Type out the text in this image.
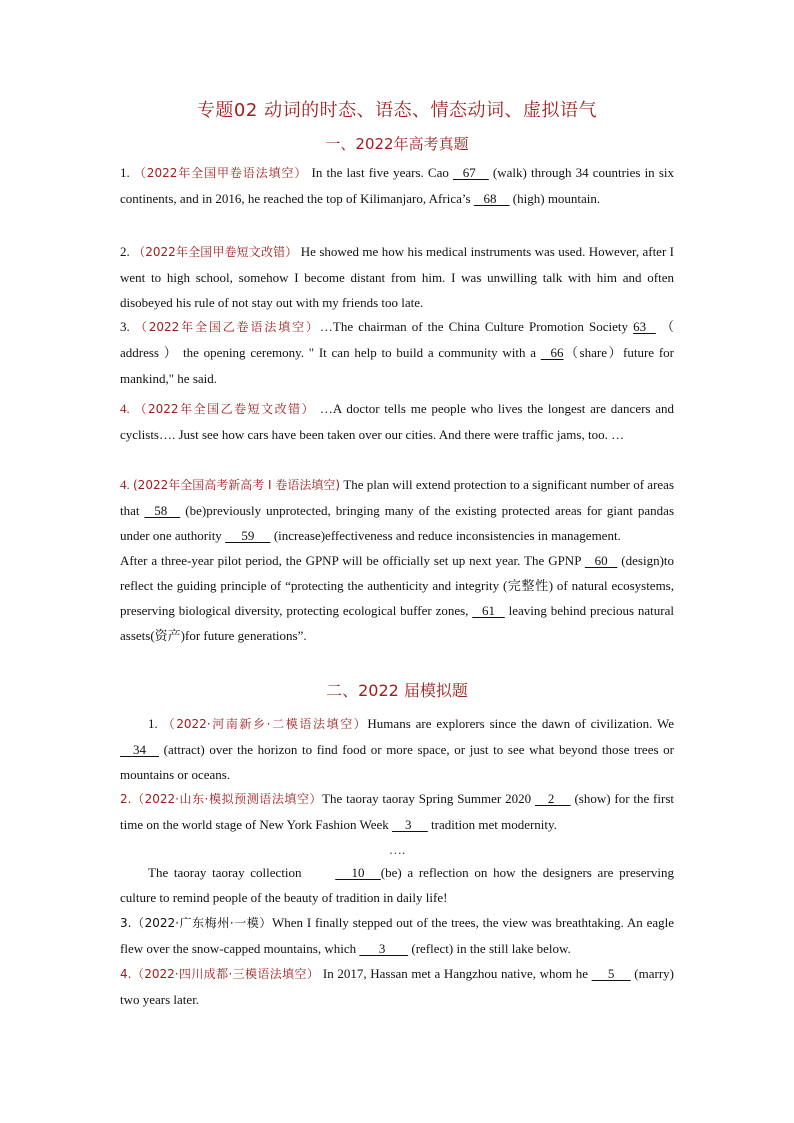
专题02 动词的时态、语态、情态动词、虚拟语气
一、2022年高考真题
1. （2022年全国甲卷语法填空） In the last five years. Cao    67     (walk) through 34 countries in six continents, and in 2016, he reached the top of Kilimanjaro, Africa’s    68     (high) mountain.
2. （2022年全国甲卷短文改错） He showed me how his medical instruments was used. However, after I went to high school, somehow I become distant from him. I was unwilling talk with him and often disobeyed his rule of not stay out with my friends too late.
3. （2022年全国乙卷语法填空）…The chairman of the China Culture Promotion Society 63    （ address ） the opening ceremony. " It can help to build a community with a    66（share）future for mankind," he said.
4. （2022年全国乙卷短文改错） …A doctor tells me people who lives the longest are dancers and cyclists…. Just see how cars have been taken over our cities. And there were traffic jams, too. …
4. (2022年全国高考新高考 I 卷语法填空) The plan will extend protection to a significant number of areas that    58     (be)previously unprotected, bringing many of the existing protected areas for giant pandas under one authority      59      (increase)effectiveness and reduce inconsistencies in management.
After a three-year pilot period, the GPNP will be officially set up next year. The GPNP    60    (design)to reflect the guiding principle of “protecting the authenticity and integrity (完整性) of natural ecosystems, preserving biological diversity, protecting ecological buffer zones,    61    leaving behind precious natural assets(资产)for future generations”.
二、2022 届模拟题
1. （2022·河南新乡·二模语法填空）Humans are explorers since the dawn of civilization. We     34     (attract) over the horizon to find food or more space, or just to see what beyond those trees or mountains or oceans.
2.（2022·山东·模拟预测语法填空）The taoray taoray Spring Summer 2020     2      (show) for the first time on the world stage of New York Fashion Week     3      tradition met modernity.
….
The taoray taoray collection      10     (be) a reflection on how the designers are preserving culture to remind people of the beauty of tradition in daily life!
3.（2022·广东梅州·一模）When I finally stepped out of the trees, the view was breathtaking. An eagle flew over the snow-capped mountains, which       3        (reflect) in the still lake below.
4.（2022·四川成都·三模语法填空） In 2017, Hassan met a Hangzhou native, whom he      5      (marry) two years later.
